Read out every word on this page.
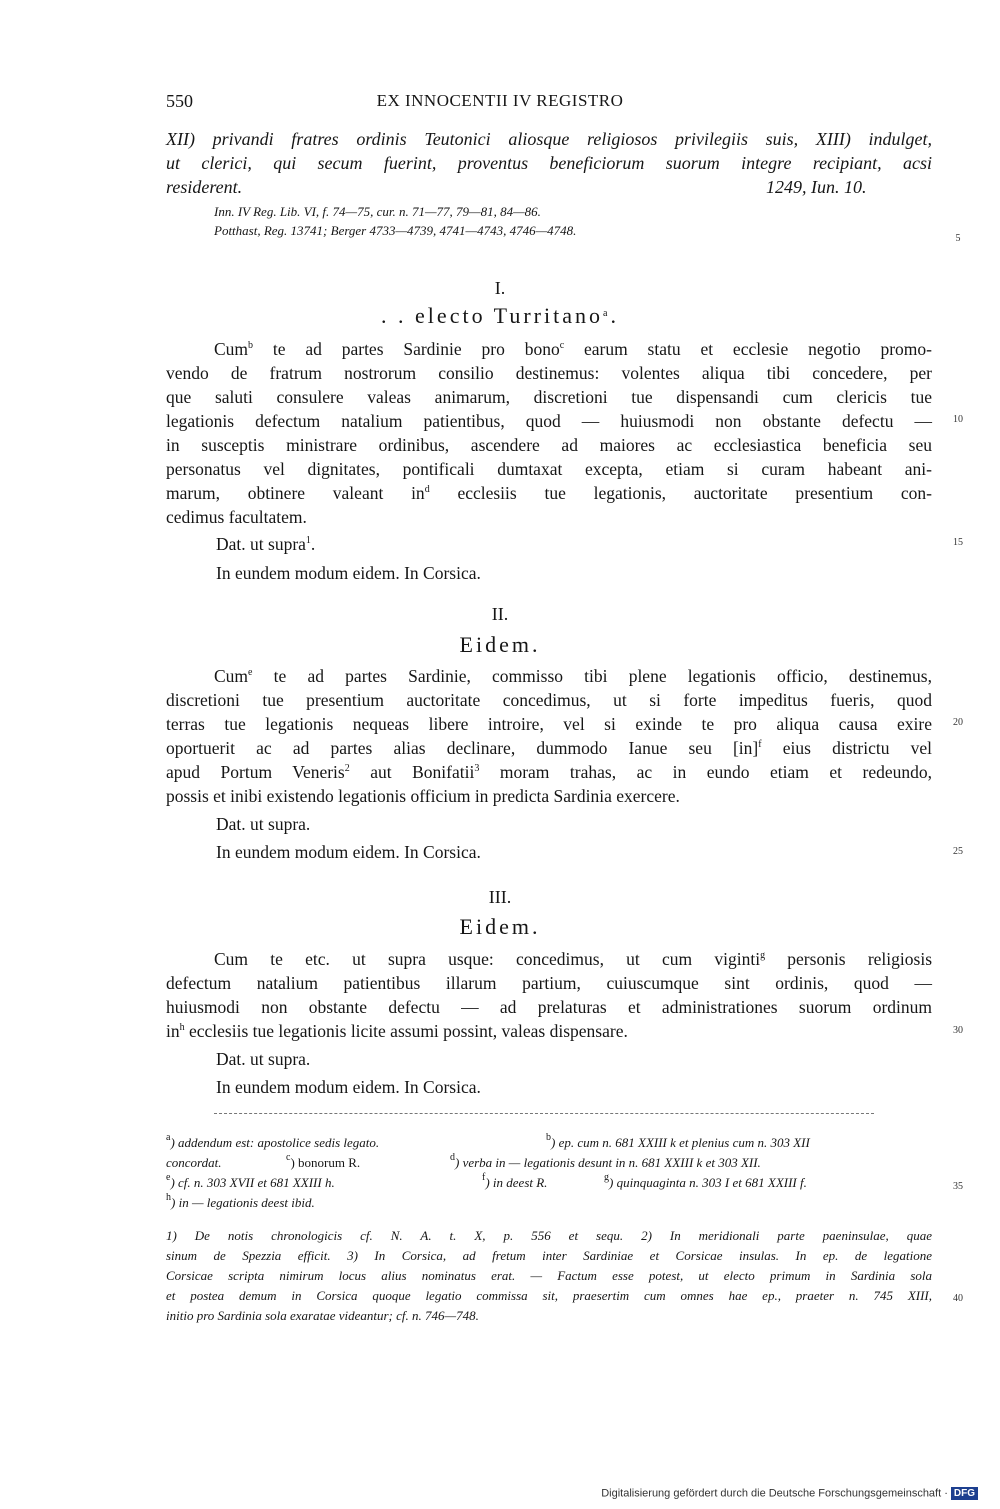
550	EX INNOCENTII IV REGISTRO
XII) privandi fratres ordinis Teutonici aliosque religiosos privilegiis suis, XIII) indulget,
ut clerici, qui secum fuerint, proventus beneficiorum suorum integre recipiant, acsi
residerent.	1249, Iun. 10.
Inn. IV Reg. Lib. VI, f. 74—75, cur. n. 71—77, 79—81, 84—86.
Potthast, Reg. 13741; Berger 4733—4739, 4741—4743, 4746—4748.
I.
. . electo Turritano$^a$.
Cum$^b$ te ad partes Sardinie pro bono$^c$ earum statu et ecclesie negotio promo-
vendo de fratrum nostrorum consilio destinemus: volentes aliqua tibi concedere, per
que saluti consulere valeas animarum, discretioni tue dispensandi cum clericis tue
legationis defectum natalium patientibus, quod — huiusmodi non obstante defectu —
in susceptis ministrare ordinibus, ascendere ad maiores ac ecclesiastica beneficia seu
personatus vel dignitates, pontificali dumtaxat excepta, etiam si curam habeant ani-
marum, obtinere valeant $in^d$ ecclesiis tue legationis, auctoritate presentium con-
cedimus facultatem.
Dat. ut supra$^1$.
In eundem modum eidem. In Corsica.
II.
Eidem.
Cum$^e$ te ad partes Sardinie, commisso tibi plene legationis officio, destinemus,
discretioni tue presentium auctoritate concedimus, ut si forte impeditus fueris, quod
terras tue legationis nequeas libere introire, vel si exinde te pro aliqua causa exire
oportuerit ac ad partes alias declinare, dummodo Ianue seu [in]$^f$ eius districtu vel
apud Portum Veneris$^2$ aut Bonifatii$^3$ moram trahas, ac in eundo etiam et redeundo,
possis et inibi existendo legationis officium in predicta Sardinia exercere.
Dat. ut supra.
In eundem modum eidem. In Corsica.
III.
Eidem.
Cum te etc. ut supra usque: concedimus, ut cum viginti$^g$ personis religiosis
defectum natalium patientibus illarum partium, cuiuscumque sint ordinis, quod —
huiusmodi non obstante defectu — ad prelaturas et administrationes suorum ordinum
$in^h$ ecclesiis tue legationis licite assumi possint, valeas dispensare.
Dat. ut supra.
In eundem modum eidem. In Corsica.
5
10
15
20
25
30
35
40
$^a$) addendum est: apostolice sedis legato.	$^b$) ep. cum n. 681 XXIII k et plenius cum n. 303 XII
concordat.	$^c$) bonorum R.	$^d$) verba in — legationis desunt in n. 681 XXIII k et 303 XII.
$^e$) cf. n. 303 XVII et 681 XXIII h.	$^f$) in deest R.	$^g$) quinquaginta n. 303 I et 681 XXIII f.
$^h$) in — legationis deest ibid.
1) De notis chronologicis cf. N. A. t. X, p. 556 et sequ. 2) In meridionali parte paeninsulae, quae
sinum de Spezzia efficit. 3) In Corsica, ad fretum inter Sardiniae et Corsicae insulas. In ep. de legatione
Corsicae scripta nimirum locus alius nominatus erat. — Factum esse potest, ut electo primum in Sardinia sola
et postea demum in Corsica quoque legatio commissa sit, praesertim cum omnes hae ep., praeter n. 745 XIII,
initio pro Sardinia sola exaratae videantur; cf. n. 746—748.
Digitalisierung gefördert durch die Deutsche Forschungsgemeinschaft · DFG
